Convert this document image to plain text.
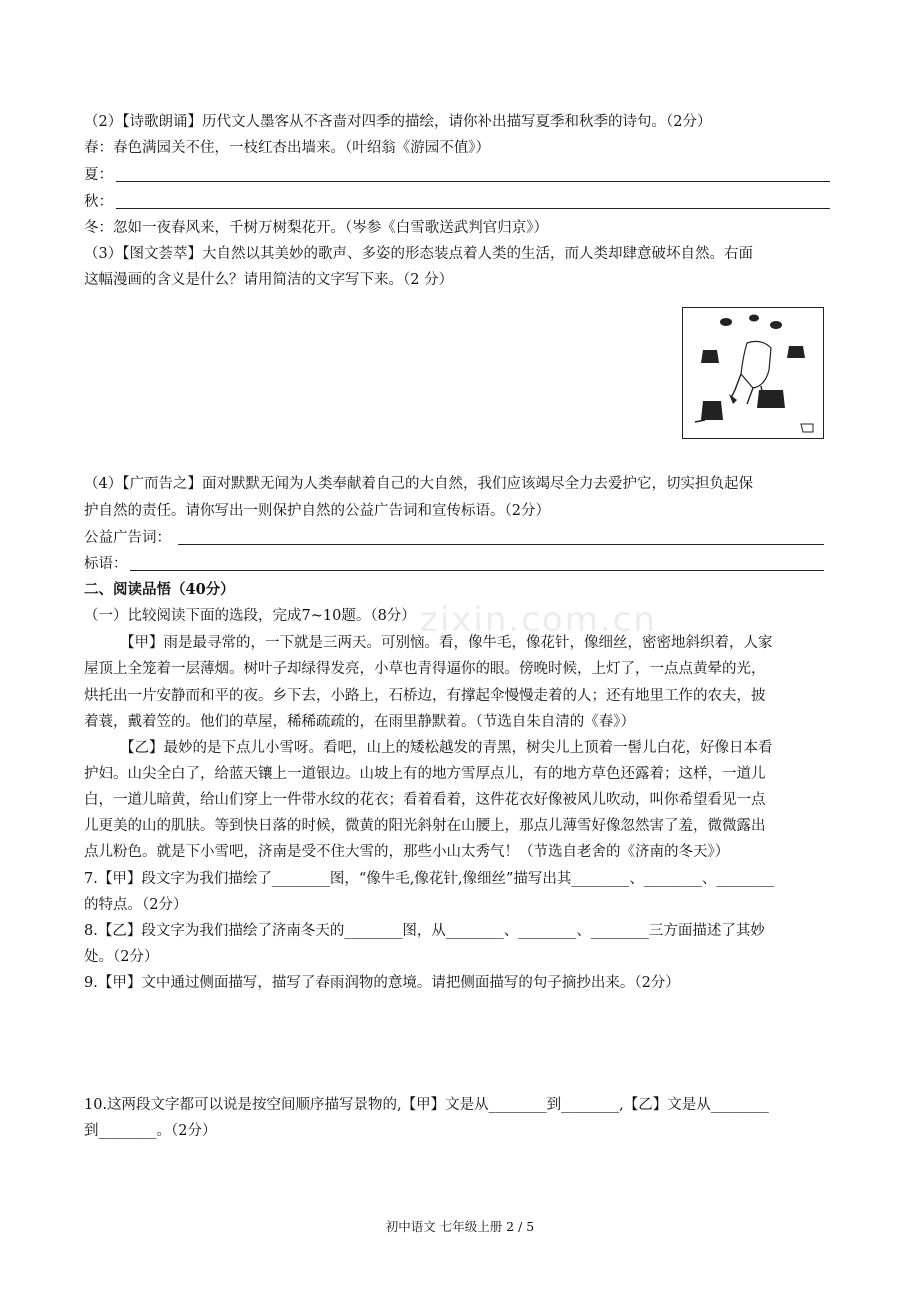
（2）【诗歌朗诵】历代文人墨客从不吝啬对四季的描绘，请你补出描写夏季和秋季的诗句。（2分）
春：春色满园关不住，一枝红杏出墙来。（叶绍翁《游园不值》）
夏：
秋：
冬：忽如一夜春风来，千树万树梨花开。（岑参《白雪歌送武判官归京》）
（3）【图文荟萃】大自然以其美妙的歌声、多姿的形态装点着人类的生活，而人类却肆意破坏自然。右面
这幅漫画的含义是什么？请用简洁的文字写下来。（2 分）
（4）【广而告之】面对默默无闻为人类奉献着自己的大自然，我们应该竭尽全力去爱护它，切实担负起保
护自然的责任。请你写出一则保护自然的公益广告词和宣传标语。（2分）
公益广告词：
标语：
二、阅读品悟（40分）
（一）比较阅读下面的选段，完成7~10题。（8分） zixin.com.cn
【甲】雨是最寻常的，一下就是三两天。可别恼。看，像牛毛，像花针，像细丝，密密地斜织着，人家
屋顶上全笼着一层薄烟。树叶子却绿得发亮，小草也青得逼你的眼。傍晚时候，上灯了，一点点黄晕的光，
烘托出一片安静而和平的夜。乡下去，小路上，石桥边，有撑起伞慢慢走着的人；还有地里工作的农夫，披
着蓑，戴着笠的。他们的草屋，稀稀疏疏的，在雨里静默着。（节选自朱自清的《春》）
【乙】最妙的是下点儿小雪呀。看吧，山上的矮松越发的青黑，树尖儿上顶着一髻儿白花，好像日本看
护妇。山尖全白了，给蓝天镶上一道银边。山坡上有的地方雪厚点儿，有的地方草色还露着；这样，一道儿
白，一道儿暗黄，给山们穿上一件带水纹的花衣；看着看着，这件花衣好像被风儿吹动，叫你希望看见一点
儿更美的山的肌肤。等到快日落的时候，微黄的阳光斜射在山腰上，那点儿薄雪好像忽然害了羞，微微露出
点儿粉色。就是下小雪吧，济南是受不住大雪的，那些小山太秀气！（节选自老舍的《济南的冬天》）
7.【甲】段文字为我们描绘了________图，“像牛毛,像花针,像细丝”描写出其________、________、________
的特点。（2分）
8.【乙】段文字为我们描绘了济南冬天的________图，从________、________、________三方面描述了其妙
处。（2分）
9.【甲】文中通过侧面描写，描写了春雨润物的意境。请把侧面描写的句子摘抄出来。（2分）
10.这两段文字都可以说是按空间顺序描写景物的,【甲】文是从________到________,【乙】文是从________
到________。（2分）
初中语文 七年级上册 2 / 5
